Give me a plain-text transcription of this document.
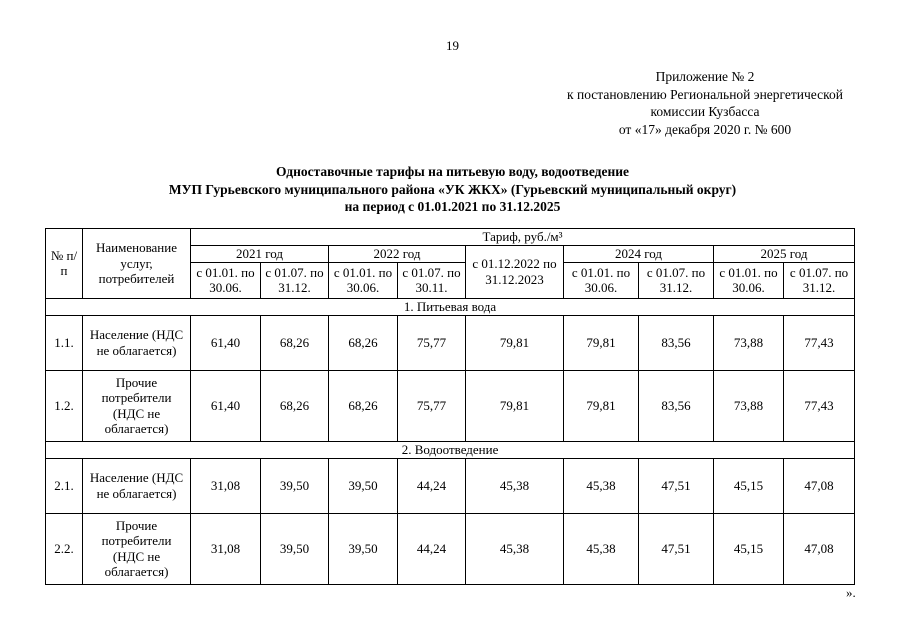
19
Приложение № 2
к постановлению Региональной энергетической
комиссии Кузбасса
от «17» декабря 2020 г. № 600
Одноставочные тарифы на питьевую воду, водоотведение
МУП Гурьевского муниципального района «УК ЖКХ» (Гурьевский муниципальный округ)
на период с 01.01.2021 по 31.12.2025
№ п/п	Наименование услуг, потребителей	Тариф, руб./м³								
		2021 год		2022 год		с 01.12.2022 по 31.12.2023	2024 год		2025 год	
		с 01.01. по 30.06.	с 01.07. по 31.12.	с 01.01. по 30.06.	с 01.07. по 30.11.		с 01.01. по 30.06.	с 01.07. по 31.12.	с 01.01. по 30.06.	с 01.07. по 31.12.
1. Питьевая вода										
1.1.	Население (НДС не облагается)	61,40	68,26	68,26	75,77	79,81	79,81	83,56	73,88	77,43
1.2.	Прочие потребители (НДС не облагается)	61,40	68,26	68,26	75,77	79,81	79,81	83,56	73,88	77,43
2. Водоотведение										
2.1.	Население (НДС не облагается)	31,08	39,50	39,50	44,24	45,38	45,38	47,51	45,15	47,08
2.2.	Прочие потребители (НДС не облагается)	31,08	39,50	39,50	44,24	45,38	45,38	47,51	45,15	47,08
».
